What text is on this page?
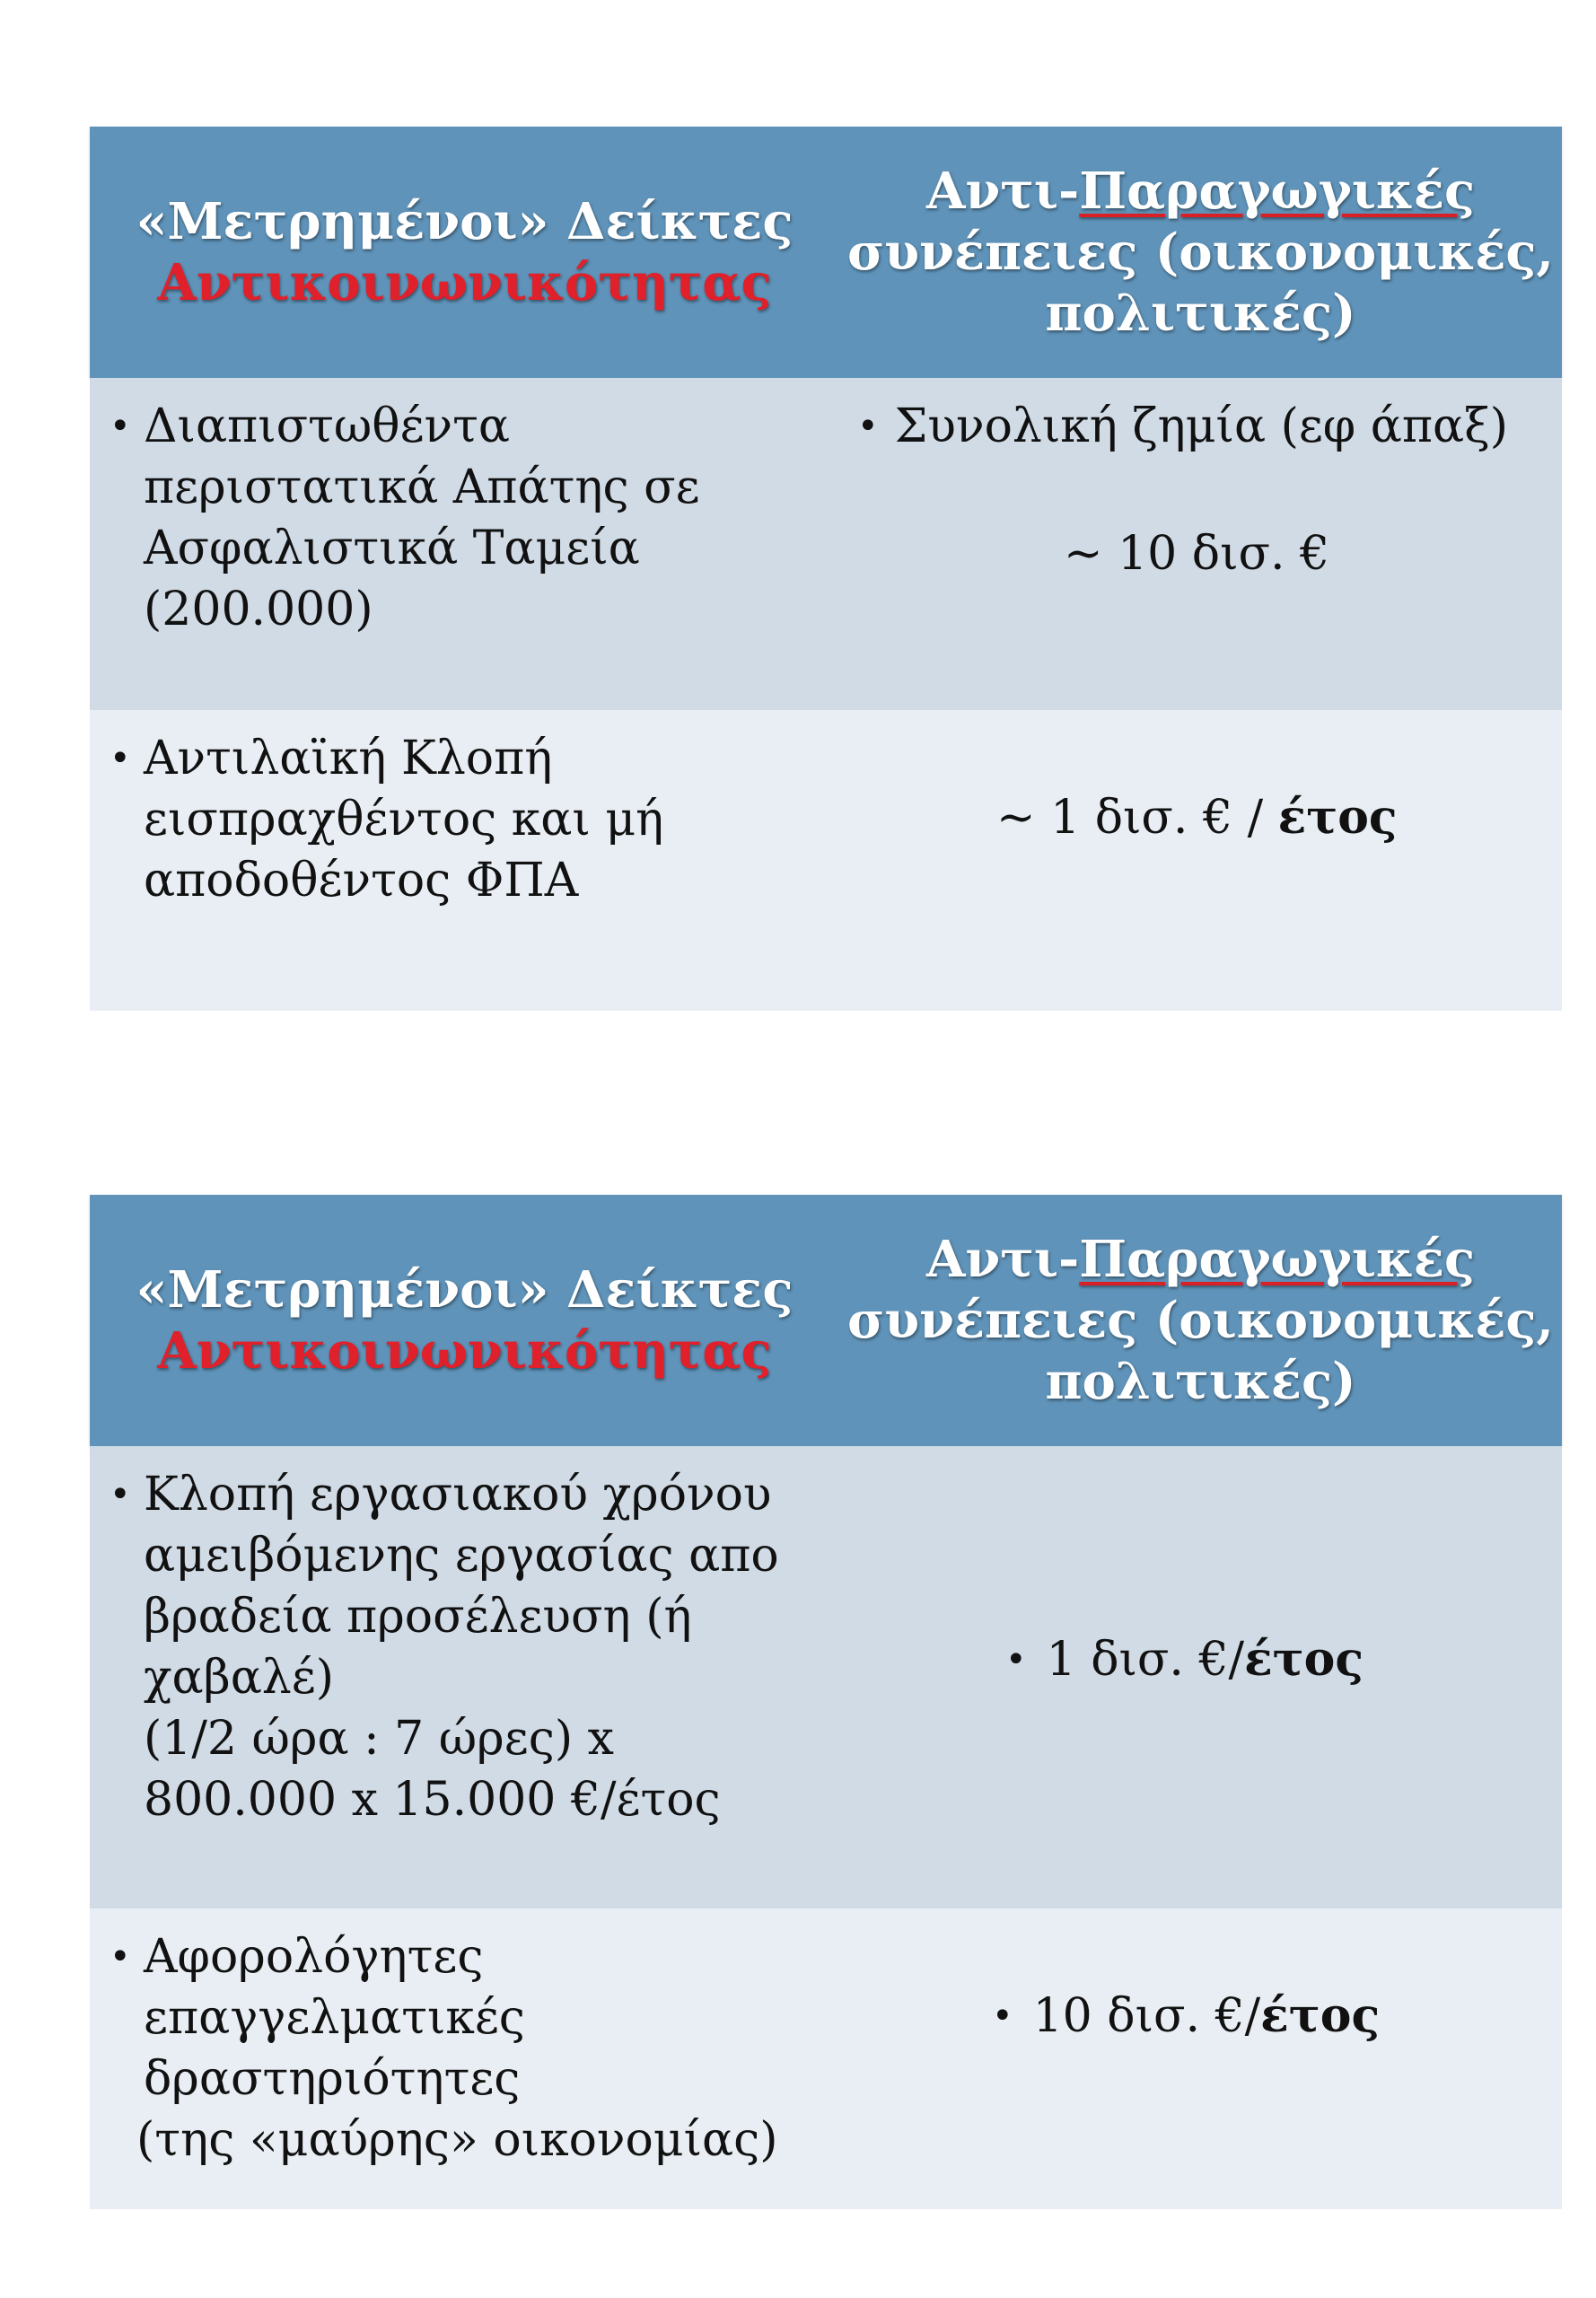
«Μετρημένοι» Δείκτες
Αντικοινωνικότητας
Αντι-Παραγωγικές
συνέπειες (οικονομικές,
πολιτικές)
• Διαπιστωθέντα
περιστατικά Απάτης σε
Ασφαλιστικά Ταμεία
(200.000)
• Συνολική ζημία (εφ άπαξ)
~ 10 δισ. €
• Αντιλαϊκή Κλοπή
εισπραχθέντος και μή
αποδοθέντος ΦΠΑ
~ 1 δισ. € / έτος
«Μετρημένοι» Δείκτες
Αντικοινωνικότητας
Αντι-Παραγωγικές
συνέπειες (οικονομικές,
πολιτικές)
• Κλοπή εργασιακού χρόνου
αμειβόμενης εργασίας απο
βραδεία προσέλευση (ή
χαβαλέ)
(1/2 ώρα : 7 ώρες) x
800.000 x 15.000 €/έτος
• 1 δισ. €/έτος
• Αφορολόγητες
επαγγελματικές
δραστηριότητες
(της «μαύρης» οικονομίας)
• 10 δισ. €/έτος
